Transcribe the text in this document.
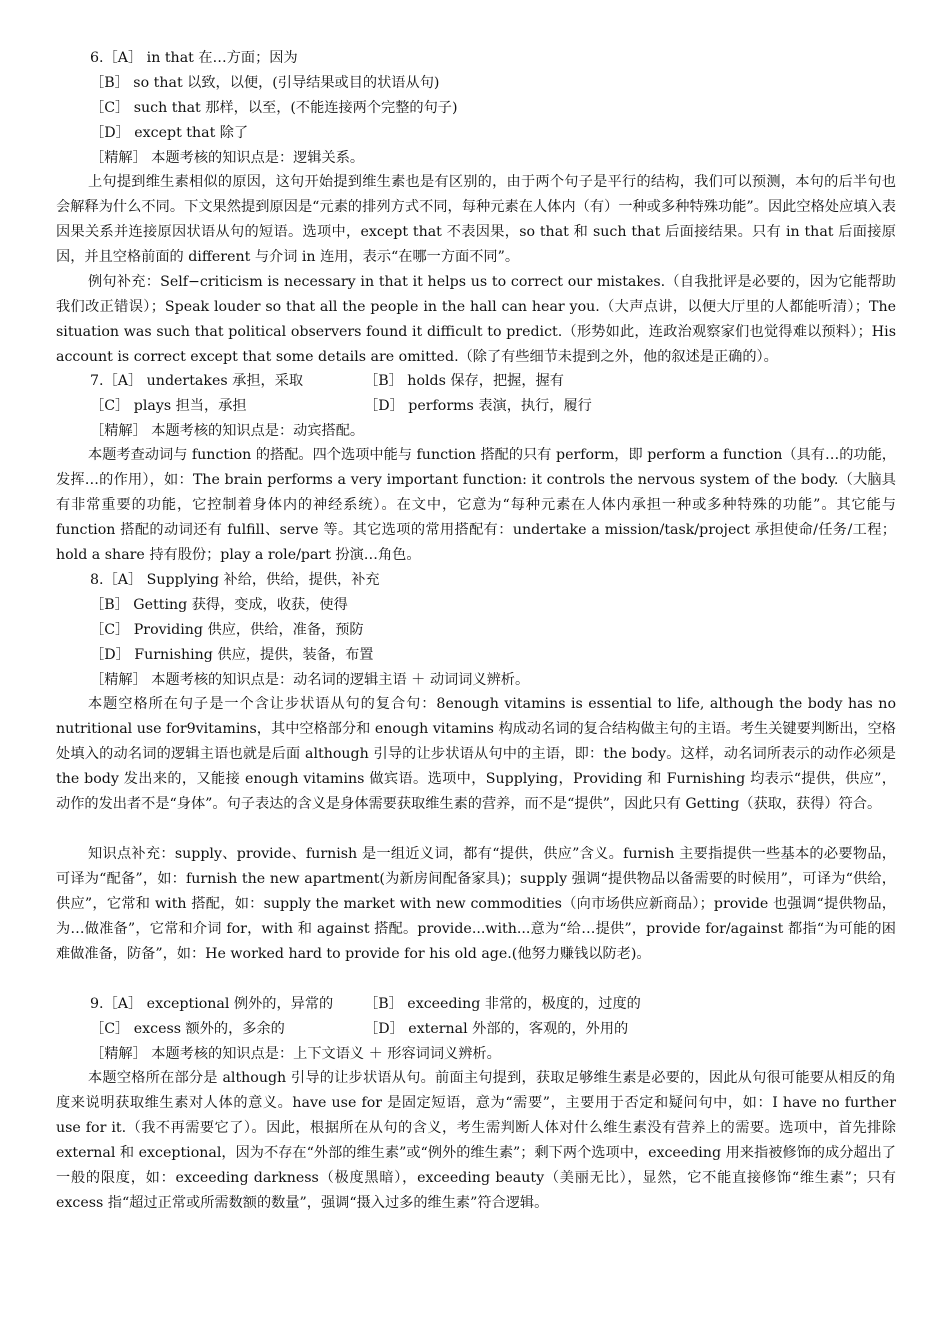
6.［A］ in that 在…方面；因为
［B］ so that 以致，以便，(引导结果或目的状语从句)
［C］ such that 那样，以至，(不能连接两个完整的句子)
［D］ except that 除了
［精解］ 本题考核的知识点是：逻辑关系。
上句提到维生素相似的原因，这句开始提到维生素也是有区别的，由于两个句子是平行的结构，我们可以预测，本句的后半句也会解释为什么不同。下文果然提到原因是“元素的排列方式不同，每种元素在人体内（有）一种或多种特殊功能”。因此空格处应填入表因果关系并连接原因状语从句的短语。选项中，except that 不表因果，so that 和 such that 后面接结果。只有 in that 后面接原因，并且空格前面的 different 与介词 in 连用，表示“在哪一方面不同”。
例句补充：Self−criticism is necessary in that it helps us to correct our mistakes.（自我批评是必要的，因为它能帮助我们改正错误）；Speak louder so that all the people in the hall can hear you.（大声点讲，以便大厅里的人都能听清）；The situation was such that political observers found it difficult to predict.（形势如此，连政治观察家们也觉得难以预料）；His account is correct except that some details are omitted.（除了有些细节未提到之外，他的叙述是正确的）。
7.［A］ undertakes 承担，采取	［B］ holds 保存，把握，握有
［C］ plays 担当，承担	［D］ performs 表演，执行，履行
［精解］ 本题考核的知识点是：动宾搭配。
本题考查动词与 function 的搭配。四个选项中能与 function 搭配的只有 perform，即 perform a function（具有…的功能，发挥…的作用），如：The brain performs a very important function: it controls the nervous system of the body.（大脑具有非常重要的功能，它控制着身体内的神经系统）。在文中，它意为“每种元素在人体内承担一种或多种特殊的功能”。其它能与 function 搭配的动词还有 fulfill、serve 等。其它选项的常用搭配有：undertake a mission/task/project 承担使命/任务/工程；hold a share 持有股份；play a role/part 扮演…角色。
8.［A］ Supplying 补给，供给，提供，补充
［B］ Getting 获得，变成，收获，使得
［C］ Providing 供应，供给，准备，预防
［D］ Furnishing 供应，提供，装备，布置
［精解］ 本题考核的知识点是：动名词的逻辑主语 ＋ 动词词义辨析。
本题空格所在句子是一个含让步状语从句的复合句：8enough vitamins is essential to life, although the body has no nutritional use for9vitamins，其中空格部分和 enough vitamins 构成动名词的复合结构做主句的主语。考生关键要判断出，空格处填入的动名词的逻辑主语也就是后面 although 引导的让步状语从句中的主语，即：the body。这样，动名词所表示的动作必须是 the body 发出来的，又能接 enough vitamins 做宾语。选项中，Supplying，Providing 和 Furnishing 均表示“提供，供应”，动作的发出者不是“身体”。句子表达的含义是身体需要获取维生素的营养，而不是“提供”，因此只有 Getting（获取，获得）符合。
知识点补充：supply、provide、furnish 是一组近义词，都有“提供，供应”含义。furnish 主要指提供一些基本的必要物品，可译为“配备”，如：furnish the new apartment(为新房间配备家具)；supply 强调“提供物品以备需要的时候用”，可译为“供给，供应”，它常和 with 搭配，如：supply the market with new commodities（向市场供应新商品）；provide 也强调“提供物品，为…做准备”，它常和介词 for，with 和 against 搭配。provide...with...意为“给…提供”，provide for/against 都指“为可能的困难做准备，防备”，如：He worked hard to provide for his old age.(他努力赚钱以防老)。
9.［A］ exceptional 例外的，异常的 ［B］ exceeding 非常的，极度的，过度的
［C］ excess 额外的，多余的	［D］ external 外部的，客观的，外用的
［精解］ 本题考核的知识点是：上下文语义 ＋ 形容词词义辨析。
本题空格所在部分是 although 引导的让步状语从句。前面主句提到，获取足够维生素是必要的，因此从句很可能要从相反的角度来说明获取维生素对人体的意义。have use for 是固定短语，意为“需要”，主要用于否定和疑问句中，如：I have no further use for it.（我不再需要它了）。因此，根据所在从句的含义，考生需判断人体对什么维生素没有营养上的需要。选项中，首先排除 external 和 exceptional，因为不存在“外部的维生素”或“例外的维生素”；剩下两个选项中，exceeding 用来指被修饰的成分超出了一般的限度，如：exceeding darkness（极度黑暗），exceeding beauty（美丽无比），显然，它不能直接修饰“维生素”；只有 excess 指“超过正常或所需数额的数量”，强调“摄入过多的维生素”符合逻辑。
